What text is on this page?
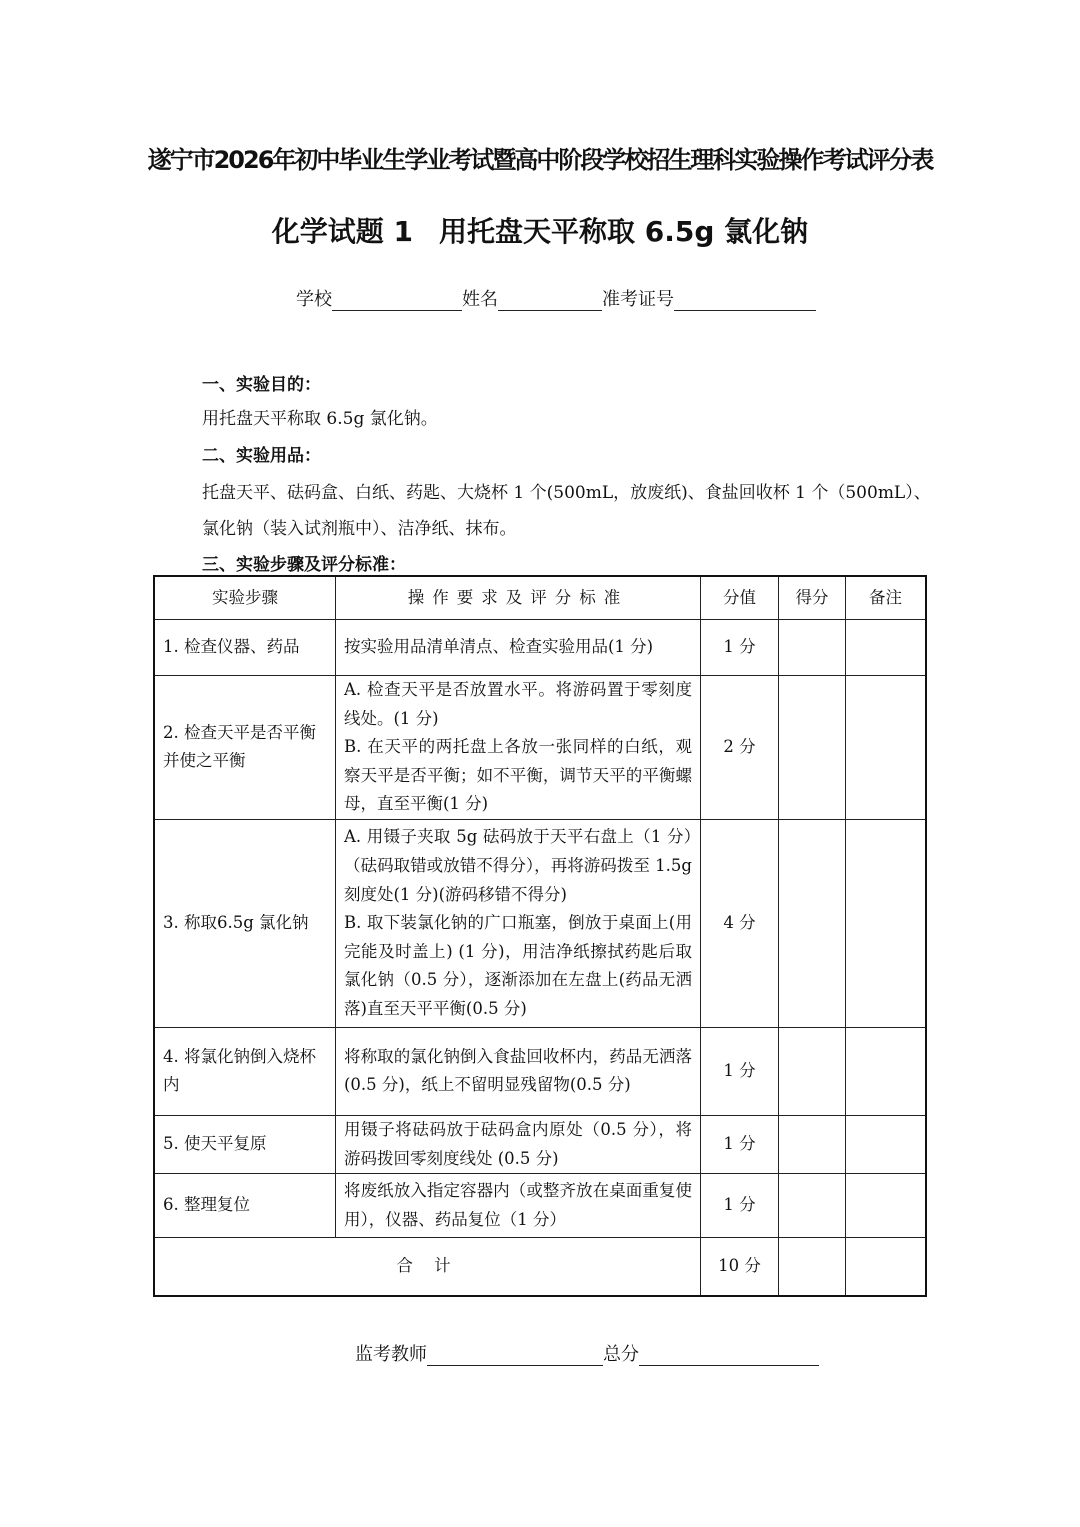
遂宁市2026年初中毕业生学业考试暨高中阶段学校招生理科实验操作考试评分表
化学试题 1 用托盘天平称取 6.5g 氯化钠
学校	姓名	准考证号
一、实验目的：
用托盘天平称取 6.5g 氯化钠。
二、实验用品：
托盘天平、砝码盒、白纸、药匙、大烧杯 1 个(500mL，放废纸)、食盐回收杯 1 个（500mL）、
氯化钠（装入试剂瓶中）、洁净纸、抹布。
三、实验步骤及评分标准：
实验步骤	操作要求及评分标准	分值	得分	备注
1. 检查仪器、药品	按实验用品清单清点、检查实验用品(1 分)	1 分		
2. 检查天平是否平衡并使之平衡	A. 检查天平是否放置水平。将游码置于零刻度线处。(1 分)
B. 在天平的两托盘上各放一张同样的白纸，观察天平是否平衡；如不平衡，调节天平的平衡螺母，直至平衡(1 分)	2 分		
3. 称取6.5g 氯化钠	A. 用镊子夹取 5g 砝码放于天平右盘上（1 分）（砝码取错或放错不得分），再将游码拨至 1.5g 刻度处(1 分)(游码移错不得分)
B. 取下装氯化钠的广口瓶塞，倒放于桌面上(用完能及时盖上) (1 分)，用洁净纸擦拭药匙后取氯化钠（0.5 分），逐渐添加在左盘上(药品无洒落)直至天平平衡(0.5 分)	4 分		
4. 将氯化钠倒入烧杯内	将称取的氯化钠倒入食盐回收杯内，药品无洒落(0.5 分)，纸上不留明显残留物(0.5 分)	1 分		
5. 使天平复原	用镊子将砝码放于砝码盒内原处（0.5 分），将游码拨回零刻度线处 (0.5 分)	1 分		
6. 整理复位	将废纸放入指定容器内（或整齐放在桌面重复使用），仪器、药品复位（1 分）	1 分		
合 计		10 分		
监考教师	总分
